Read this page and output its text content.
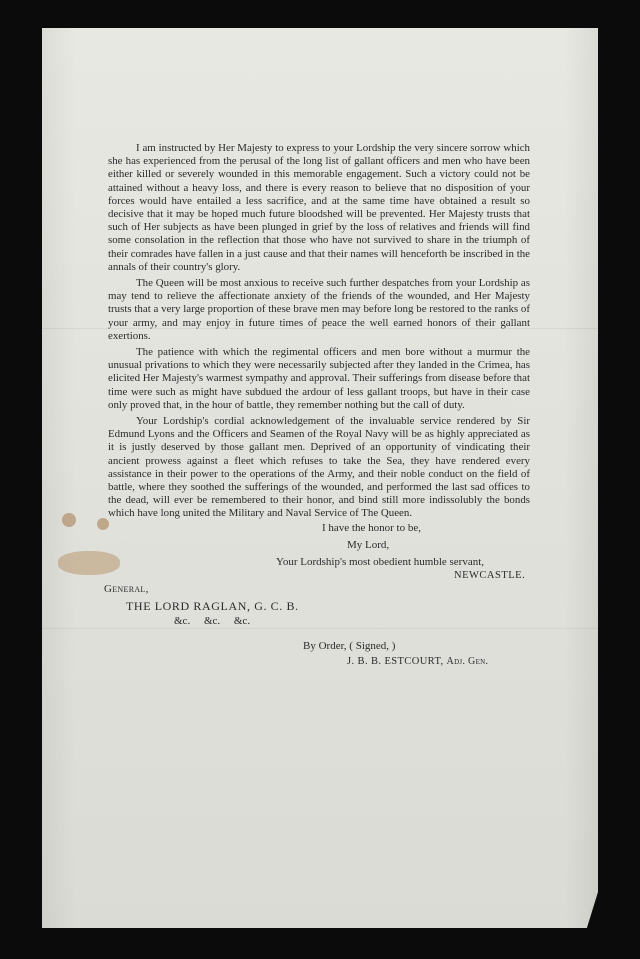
I am instructed by Her Majesty to express to your Lordship the very sincere sorrow which she has experienced from the perusal of the long list of gallant officers and men who have been either killed or severely wounded in this memorable engagement. Such a victory could not be attained without a heavy loss, and there is every reason to believe that no disposition of your forces would have entailed a less sacrifice, and at the same time have obtained a result so decisive that it may be hoped much future bloodshed will be prevented. Her Majesty trusts that such of Her subjects as have been plunged in grief by the loss of relatives and friends will find some consolation in the reflection that those who have not survived to share in the triumph of their comrades have fallen in a just cause and that their names will henceforth be inscribed in the annals of their country's glory.

The Queen will be most anxious to receive such further despatches from your Lordship as may tend to relieve the affectionate anxiety of the friends of the wounded, and Her Majesty trusts that a very large proportion of these brave men may before long be restored to the ranks of your army, and may enjoy in future times of peace the well earned honors of their gallant exertions.

The patience with which the regimental officers and men bore without a murmur the unusual privations to which they were necessarily subjected after they landed in the Crimea, has elicited Her Majesty's warmest sympathy and approval. Their sufferings from disease before that time were such as might have subdued the ardour of less gallant troops, but have in their case only proved that, in the hour of battle, they remember nothing but the call of duty.

Your Lordship's cordial acknowledgement of the invaluable service rendered by Sir Edmund Lyons and the Officers and Seamen of the Royal Navy will be as highly appreciated as it is justly deserved by those gallant men. Deprived of an opportunity of vindicating their ancient prowess against a fleet which refuses to take the Sea, they have rendered every assistance in their power to the operations of the Army, and their noble conduct on the field of battle, where they soothed the sufferings of the wounded, and performed the last sad offices to the dead, will ever be remembered to their honor, and bind still more indissolubly the bonds which have long united the Military and Naval Service of The Queen.

I have the honor to be,
My Lord,
Your Lordship's most obedient humble servant,
NEWCASTLE.
General,
THE LORD RAGLAN, G. C. B.
&c.     &c.     &c.
By Order, ( Signed, )
J. B. B. ESTCOURT, Adj. Gen.
